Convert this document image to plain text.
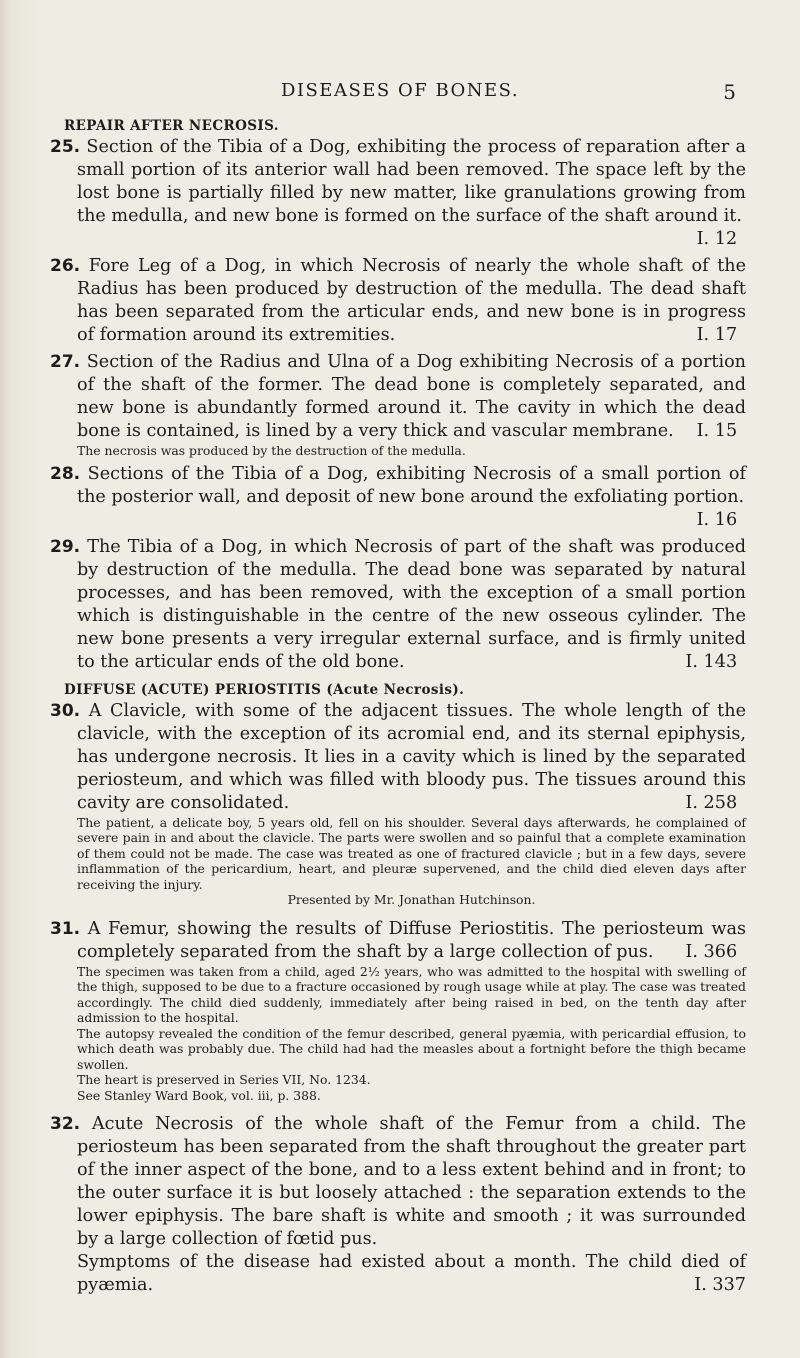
DISEASES OF BONES.	5
REPAIR AFTER NECROSIS.
25. Section of the Tibia of a Dog, exhibiting the process of reparation after a small portion of its anterior wall had been removed. The space left by the lost bone is partially filled by new matter, like granulations growing from the medulla, and new bone is formed on the surface of the shaft around it.
I. 12
26. Fore Leg of a Dog, in which Necrosis of nearly the whole shaft of the Radius has been produced by destruction of the medulla. The dead shaft has been separated from the articular ends, and new bone is in progress of formation around its extremities.	I. 17
27. Section of the Radius and Ulna of a Dog exhibiting Necrosis of a portion of the shaft of the former. The dead bone is completely separated, and new bone is abundantly formed around it. The cavity in which the dead bone is contained, is lined by a very thick and vascular membrane. I. 15
The necrosis was produced by the destruction of the medulla.
28. Sections of the Tibia of a Dog, exhibiting Necrosis of a small portion of the posterior wall, and deposit of new bone around the exfoliating portion.
I. 16
29. The Tibia of a Dog, in which Necrosis of part of the shaft was produced by destruction of the medulla. The dead bone was separated by natural processes, and has been removed, with the exception of a small portion which is distinguishable in the centre of the new osseous cylinder. The new bone presents a very irregular external surface, and is firmly united to the articular ends of the old bone.	I. 143
DIFFUSE (ACUTE) PERIOSTITIS (Acute Necrosis).
30. A Clavicle, with some of the adjacent tissues. The whole length of the clavicle, with the exception of its acromial end, and its sternal epiphysis, has undergone necrosis. It lies in a cavity which is lined by the separated periosteum, and which was filled with bloody pus. The tissues around this cavity are consolidated.	I. 258
The patient, a delicate boy, 5 years old, fell on his shoulder. Several days afterwards, he complained of severe pain in and about the clavicle. The parts were swollen and so painful that a complete examination of them could not be made. The case was treated as one of fractured clavicle ; but in a few days, severe inflammation of the pericardium, heart, and pleuræ supervened, and the child died eleven days after receiving the injury.
Presented by Mr. Jonathan Hutchinson.
31. A Femur, showing the results of Diffuse Periostitis. The periosteum was completely separated from the shaft by a large collection of pus. I. 366
The specimen was taken from a child, aged 2½ years, who was admitted to the hospital with swelling of the thigh, supposed to be due to a fracture occasioned by rough usage while at play. The case was treated accordingly. The child died suddenly, immediately after being raised in bed, on the tenth day after admission to the hospital.
The autopsy revealed the condition of the femur described, general pyæmia, with pericardial effusion, to which death was probably due. The child had had the measles about a fortnight before the thigh became swollen.
The heart is preserved in Series VII, No. 1234.
See Stanley Ward Book, vol. iii, p. 388.
32. Acute Necrosis of the whole shaft of the Femur from a child. The periosteum has been separated from the shaft throughout the greater part of the inner aspect of the bone, and to a less extent behind and in front; to the outer surface it is but loosely attached : the separation extends to the lower epiphysis. The bare shaft is white and smooth ; it was surrounded by a large collection of fœtid pus.
Symptoms of the disease had existed about a month. The child died of pyæmia.	I. 337
